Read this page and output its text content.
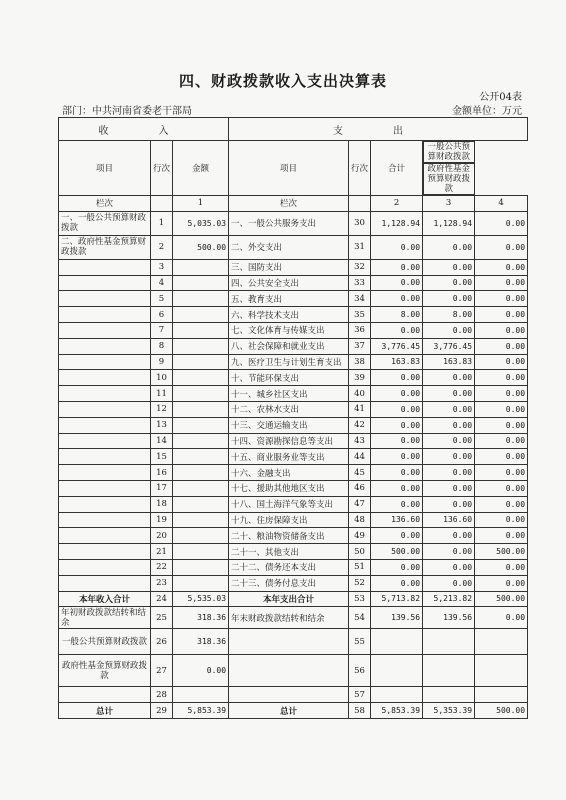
四、财政拨款收入支出决算表
公开04表
部门：中共河南省委老干部局	金额单位：万元
收　入			支　出				
项目	行次	金额	项目	行次	合计	
一般公共预算财政拨款
政府性基金预算财政拨款

栏次		1	栏次		2	3	4
一、一般公共预算财政拨款	1	5,035.03	一、一般公共服务支出	30	1,128.94	1,128.94	0.00
二、政府性基金预算财政拨款	2	500.00	二、外交支出	31	0.00	0.00	0.00
	3		三、国防支出	32	0.00	0.00	0.00
	4		四、公共安全支出	33	0.00	0.00	0.00
	5		五、教育支出	34	0.00	0.00	0.00
	6		六、科学技术支出	35	8.00	8.00	0.00
	7		七、文化体育与传媒支出	36	0.00	0.00	0.00
	8		八、社会保障和就业支出	37	3,776.45	3,776.45	0.00
	9		九、医疗卫生与计划生育支出	38	163.83	163.83	0.00
	10		十、节能环保支出	39	0.00	0.00	0.00
	11		十一、城乡社区支出	40	0.00	0.00	0.00
	12		十二、农林水支出	41	0.00	0.00	0.00
	13		十三、交通运输支出	42	0.00	0.00	0.00
	14		十四、资源勘探信息等支出	43	0.00	0.00	0.00
	15		十五、商业服务业等支出	44	0.00	0.00	0.00
	16		十六、金融支出	45	0.00	0.00	0.00
	17		十七、援助其他地区支出	46	0.00	0.00	0.00
	18		十八、国土海洋气象等支出	47	0.00	0.00	0.00
	19		十九、住房保障支出	48	136.60	136.60	0.00
	20		二十、粮油物资储备支出	49	0.00	0.00	0.00
	21		二十一、其他支出	50	500.00	0.00	500.00
	22		二十二、债务还本支出	51	0.00	0.00	0.00
	23		二十三、债务付息支出	52	0.00	0.00	0.00
本年收入合计	24	5,535.03	本年支出合计	53	5,713.82	5,213.82	500.00
年初财政拨款结转和结余	25	318.36	年末财政拨款结转和结余	54	139.56	139.56	0.00
一般公共预算财政拨款	26	318.36		55			
政府性基金预算财政拨款	27	0.00		56			
	28			57			
总计	29	5,853.39	总计	58	5,853.39	5,353.39	500.00
